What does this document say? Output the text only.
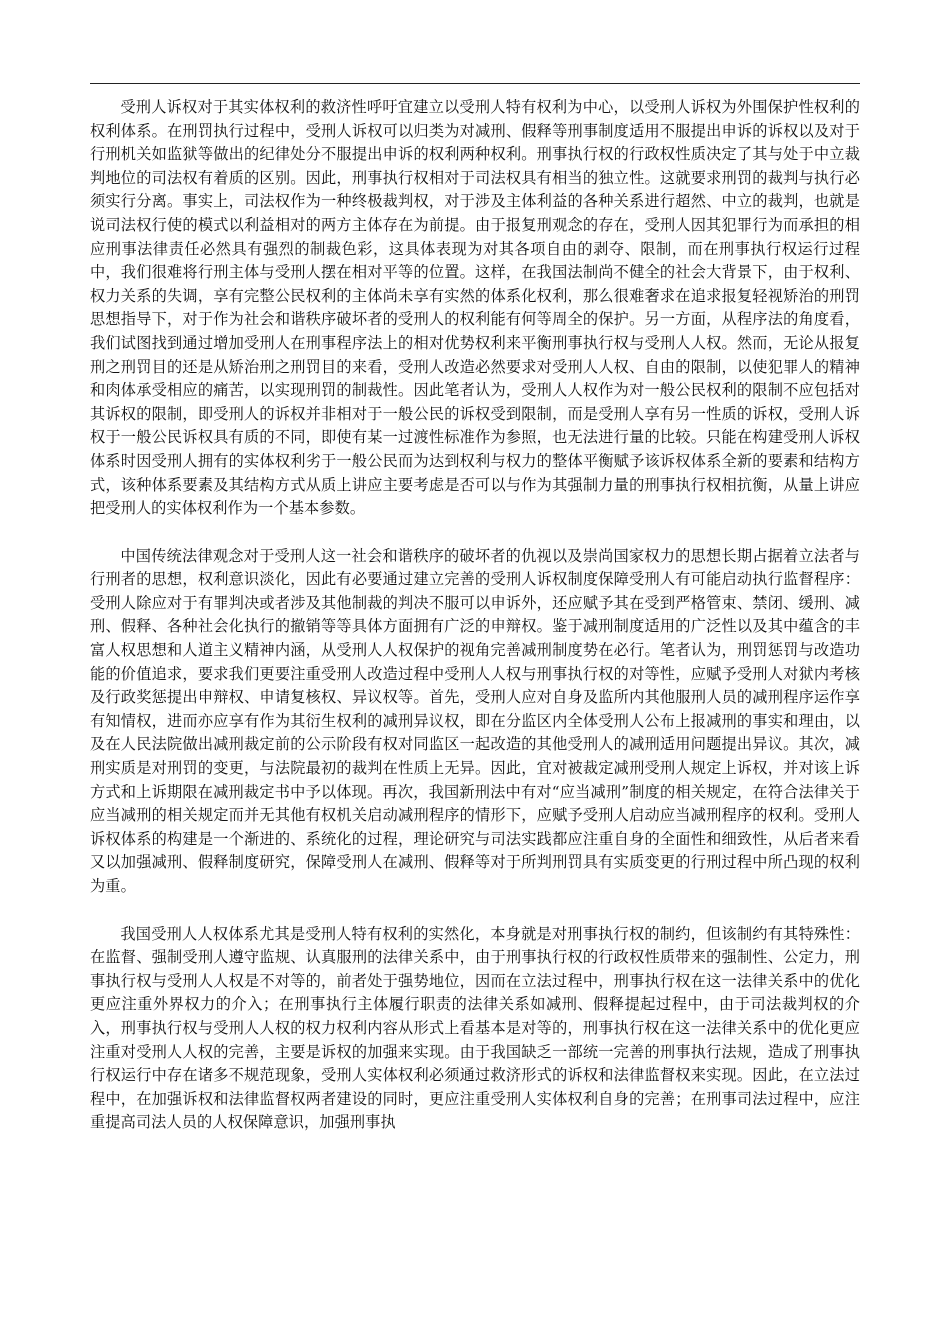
受刑人诉权对于其实体权利的救济性呼吁宜建立以受刑人特有权利为中心，以受刑人诉权为外围保护性权利的权利体系。在刑罚执行过程中，受刑人诉权可以归类为对减刑、假释等刑事制度适用不服提出申诉的诉权以及对于行刑机关如监狱等做出的纪律处分不服提出申诉的权利两种权利。刑事执行权的行政权性质决定了其与处于中立裁判地位的司法权有着质的区别。因此，刑事执行权相对于司法权具有相当的独立性。这就要求刑罚的裁判与执行必须实行分离。事实上，司法权作为一种终极裁判权，对于涉及主体利益的各种关系进行超然、中立的裁判，也就是说司法权行使的模式以利益相对的两方主体存在为前提。由于报复刑观念的存在，受刑人因其犯罪行为而承担的相应刑事法律责任必然具有强烈的制裁色彩，这具体表现为对其各项自由的剥夺、限制，而在刑事执行权运行过程中，我们很难将行刑主体与受刑人摆在相对平等的位置。这样，在我国法制尚不健全的社会大背景下，由于权利、权力关系的失调，享有完整公民权利的主体尚未享有实然的体系化权利，那么很难奢求在追求报复轻视矫治的刑罚思想指导下，对于作为社会和谐秩序破坏者的受刑人的权利能有何等周全的保护。另一方面，从程序法的角度看，我们试图找到通过增加受刑人在刑事程序法上的相对优势权利来平衡刑事执行权与受刑人人权。然而，无论从报复刑之刑罚目的还是从矫治刑之刑罚目的来看，受刑人改造必然要求对受刑人人权、自由的限制，以使犯罪人的精神和肉体承受相应的痛苦，以实现刑罚的制裁性。因此笔者认为，受刑人人权作为对一般公民权利的限制不应包括对其诉权的限制，即受刑人的诉权并非相对于一般公民的诉权受到限制，而是受刑人享有另一性质的诉权，受刑人诉权于一般公民诉权具有质的不同，即使有某一过渡性标准作为参照，也无法进行量的比较。只能在构建受刑人诉权体系时因受刑人拥有的实体权利劣于一般公民而为达到权利与权力的整体平衡赋予该诉权体系全新的要素和结构方式，该种体系要素及其结构方式从质上讲应主要考虑是否可以与作为其强制力量的刑事执行权相抗衡，从量上讲应把受刑人的实体权利作为一个基本参数。

中国传统法律观念对于受刑人这一社会和谐秩序的破坏者的仇视以及崇尚国家权力的思想长期占据着立法者与行刑者的思想，权利意识淡化，因此有必要通过建立完善的受刑人诉权制度保障受刑人有可能启动执行监督程序：受刑人除应对于有罪判决或者涉及其他制裁的判决不服可以申诉外，还应赋予其在受到严格管束、禁闭、缓刑、减刑、假释、各种社会化执行的撤销等等具体方面拥有广泛的申辩权。鉴于减刑制度适用的广泛性以及其中蕴含的丰富人权思想和人道主义精神内涵，从受刑人人权保护的视角完善减刑制度势在必行。笔者认为，刑罚惩罚与改造功能的价值追求，要求我们更要注重受刑人改造过程中受刑人人权与刑事执行权的对等性，应赋予受刑人对狱内考核及行政奖惩提出申辩权、申请复核权、异议权等。首先，受刑人应对自身及监所内其他服刑人员的减刑程序运作享有知情权，进而亦应享有作为其衍生权利的减刑异议权，即在分监区内全体受刑人公布上报减刑的事实和理由，以及在人民法院做出减刑裁定前的公示阶段有权对同监区一起改造的其他受刑人的减刑适用问题提出异议。其次，减刑实质是对刑罚的变更，与法院最初的裁判在性质上无异。因此，宜对被裁定减刑受刑人规定上诉权，并对该上诉方式和上诉期限在减刑裁定书中予以体现。再次，我国新刑法中有对“应当减刑”制度的相关规定，在符合法律关于应当减刑的相关规定而并无其他有权机关启动减刑程序的情形下，应赋予受刑人启动应当减刑程序的权利。受刑人诉权体系的构建是一个渐进的、系统化的过程，理论研究与司法实践都应注重自身的全面性和细致性，从后者来看又以加强减刑、假释制度研究，保障受刑人在减刑、假释等对于所判刑罚具有实质变更的行刑过程中所凸现的权利为重。

我国受刑人人权体系尤其是受刑人特有权利的实然化，本身就是对刑事执行权的制约，但该制约有其特殊性：在监督、强制受刑人遵守监规、认真服刑的法律关系中，由于刑事执行权的行政权性质带来的强制性、公定力，刑事执行权与受刑人人权是不对等的，前者处于强势地位，因而在立法过程中，刑事执行权在这一法律关系中的优化更应注重外界权力的介入；在刑事执行主体履行职责的法律关系如减刑、假释提起过程中，由于司法裁判权的介入，刑事执行权与受刑人人权的权力权利内容从形式上看基本是对等的，刑事执行权在这一法律关系中的优化更应注重对受刑人人权的完善，主要是诉权的加强来实现。由于我国缺乏一部统一完善的刑事执行法规，造成了刑事执行权运行中存在诸多不规范现象，受刑人实体权利必须通过救济形式的诉权和法律监督权来实现。因此，在立法过程中，在加强诉权和法律监督权两者建设的同时，更应注重受刑人实体权利自身的完善；在刑事司法过程中，应注重提高司法人员的人权保障意识，加强刑事执
